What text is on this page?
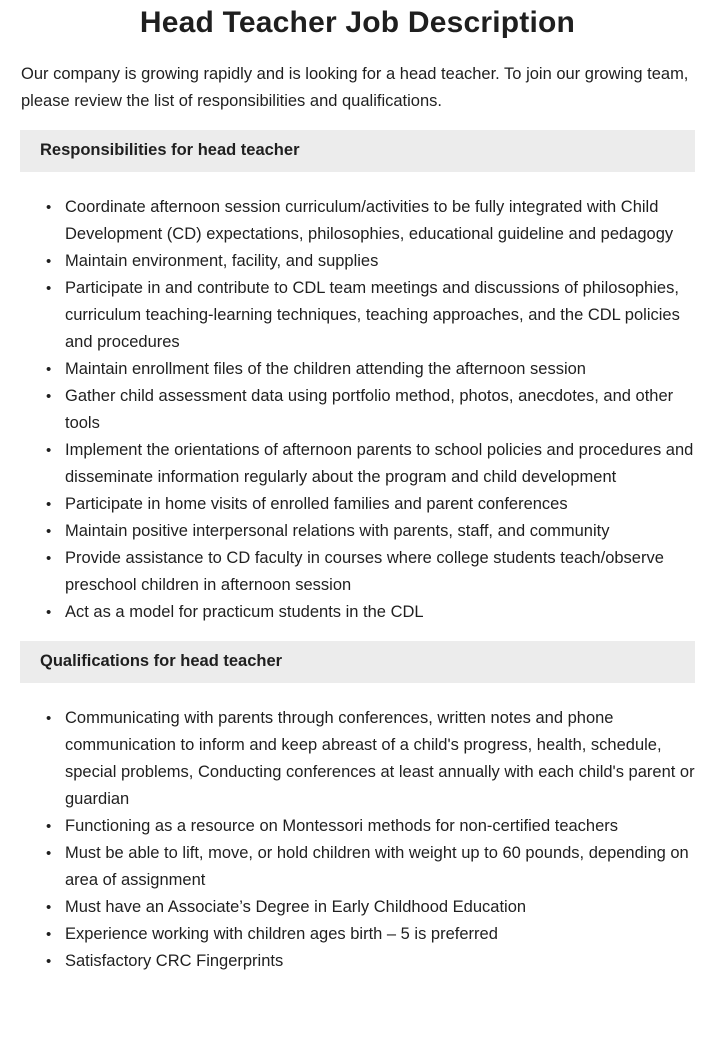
Head Teacher Job Description

Our company is growing rapidly and is looking for a head teacher. To join our growing team, please review the list of responsibilities and qualifications.

Responsibilities for head teacher
• Coordinate afternoon session curriculum/activities to be fully integrated with Child Development (CD) expectations, philosophies, educational guideline and pedagogy
• Maintain environment, facility, and supplies
• Participate in and contribute to CDL team meetings and discussions of philosophies, curriculum teaching-learning techniques, teaching approaches, and the CDL policies and procedures
• Maintain enrollment files of the children attending the afternoon session
• Gather child assessment data using portfolio method, photos, anecdotes, and other tools
• Implement the orientations of afternoon parents to school policies and procedures and disseminate information regularly about the program and child development
• Participate in home visits of enrolled families and parent conferences
• Maintain positive interpersonal relations with parents, staff, and community
• Provide assistance to CD faculty in courses where college students teach/observe preschool children in afternoon session
• Act as a model for practicum students in the CDL
Qualifications for head teacher
• Communicating with parents through conferences, written notes and phone communication to inform and keep abreast of a child's progress, health, schedule, special problems, Conducting conferences at least annually with each child's parent or guardian
• Functioning as a resource on Montessori methods for non-certified teachers
• Must be able to lift, move, or hold children with weight up to 60 pounds, depending on area of assignment
• Must have an Associate’s Degree in Early Childhood Education
• Experience working with children ages birth – 5 is preferred
• Satisfactory CRC Fingerprints
